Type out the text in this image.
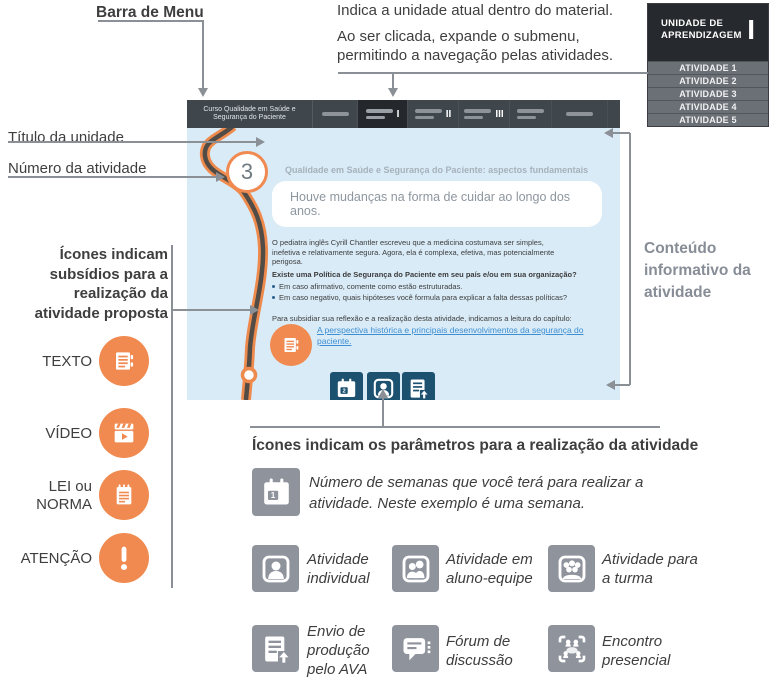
Barra de Menu	Indica a unidade atual dentro do material.
Ao ser clicada, expande o submenu, permitindo a navegação pelas atividades.
Título da unidade
Número da atividade
Ícones indicam subsídios para a realização da atividade proposta
Conteúdo informativo da atividade
TEXTO
VÍDEO
LEI ou NORMA
ATENÇÃO
UNIDADE DE APRENDIZAGEM I
ATIVIDADE 1
ATIVIDADE 2
ATIVIDADE 3
ATIVIDADE 4
ATIVIDADE 5
Curso Qualidade em Saúde e Segurança do Paciente	I	II	III
Qualidade em Saúde e Segurança do Paciente: aspectos fundamentais
Houve mudanças na forma de cuidar ao longo dos anos.
O pediatra inglês Cyrill Chantler escreveu que a medicina costumava ser simples, inefetiva e relativamente segura. Agora, ela é complexa, efetiva, mas potencialmente perigosa.
Existe uma Política de Segurança do Paciente em seu país e/ou em sua organização?
Em caso afirmativo, comente como estão estruturadas.
Em caso negativo, quais hipóteses você formula para explicar a falta dessas políticas?
Para subsidiar sua reflexão e a realização desta atividade, indicamos a leitura do capítulo:
A perspectiva histórica e principais desenvolvimentos da segurança do paciente.
2
3
Ícones indicam os parâmetros para a realização da atividade
1
Número de semanas que você terá para realizar a atividade. Neste exemplo é uma semana.
Atividade individual
Atividade em aluno-equipe
Atividade para a turma
Envio de produção pelo AVA
Fórum de discussão
Encontro presencial
